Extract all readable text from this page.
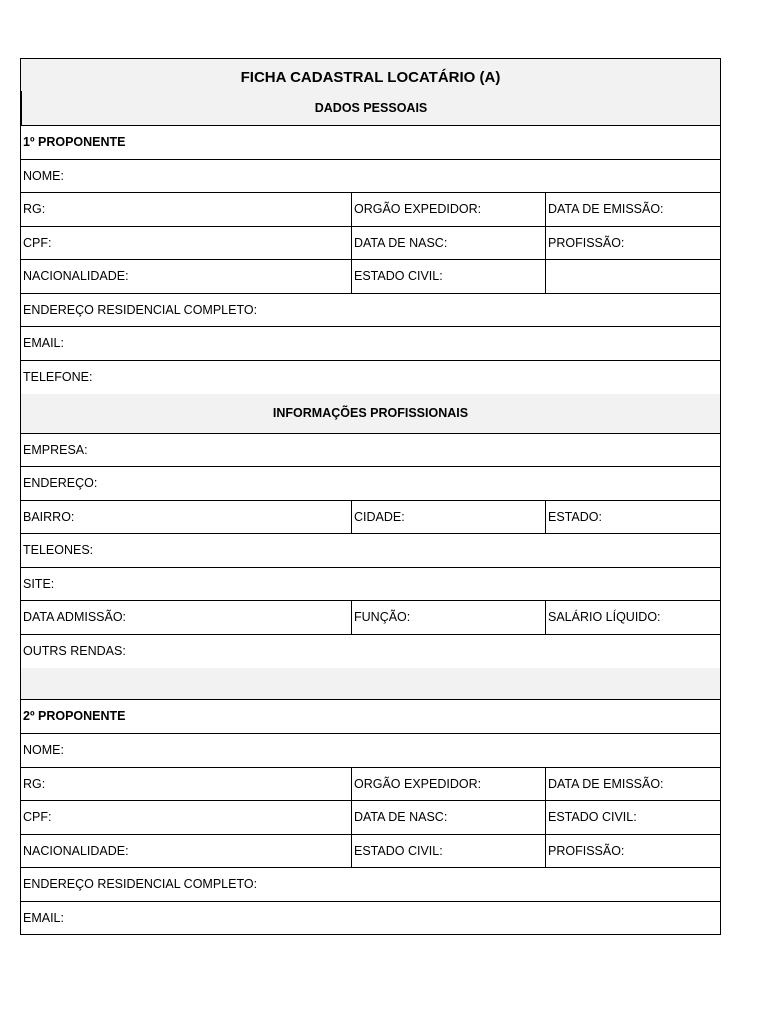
FICHA CADASTRAL LOCATÁRIO (A)
DADOS PESSOAIS
1º PROPONENTE
NOME:
RG:	ORGÃO EXPEDIDOR:	DATA DE EMISSÃO:
CPF:	DATA DE NASC:	PROFISSÃO:
NACIONALIDADE:	ESTADO CIVIL:
ENDEREÇO RESIDENCIAL COMPLETO:
EMAIL:
TELEFONE:
INFORMAÇÕES PROFISSIONAIS
EMPRESA:
ENDEREÇO:
BAIRRO:	CIDADE:	ESTADO:
TELEONES:
SITE:
DATA ADMISSÃO:	FUNÇÃO:	SALÁRIO LÍQUIDO:
OUTRS RENDAS:
2º PROPONENTE
NOME:
RG:	ORGÃO EXPEDIDOR:	DATA DE EMISSÃO:
CPF:	DATA DE NASC:	ESTADO CIVIL:
NACIONALIDADE:	ESTADO CIVIL:	PROFISSÃO:
ENDEREÇO RESIDENCIAL COMPLETO:
EMAIL:
